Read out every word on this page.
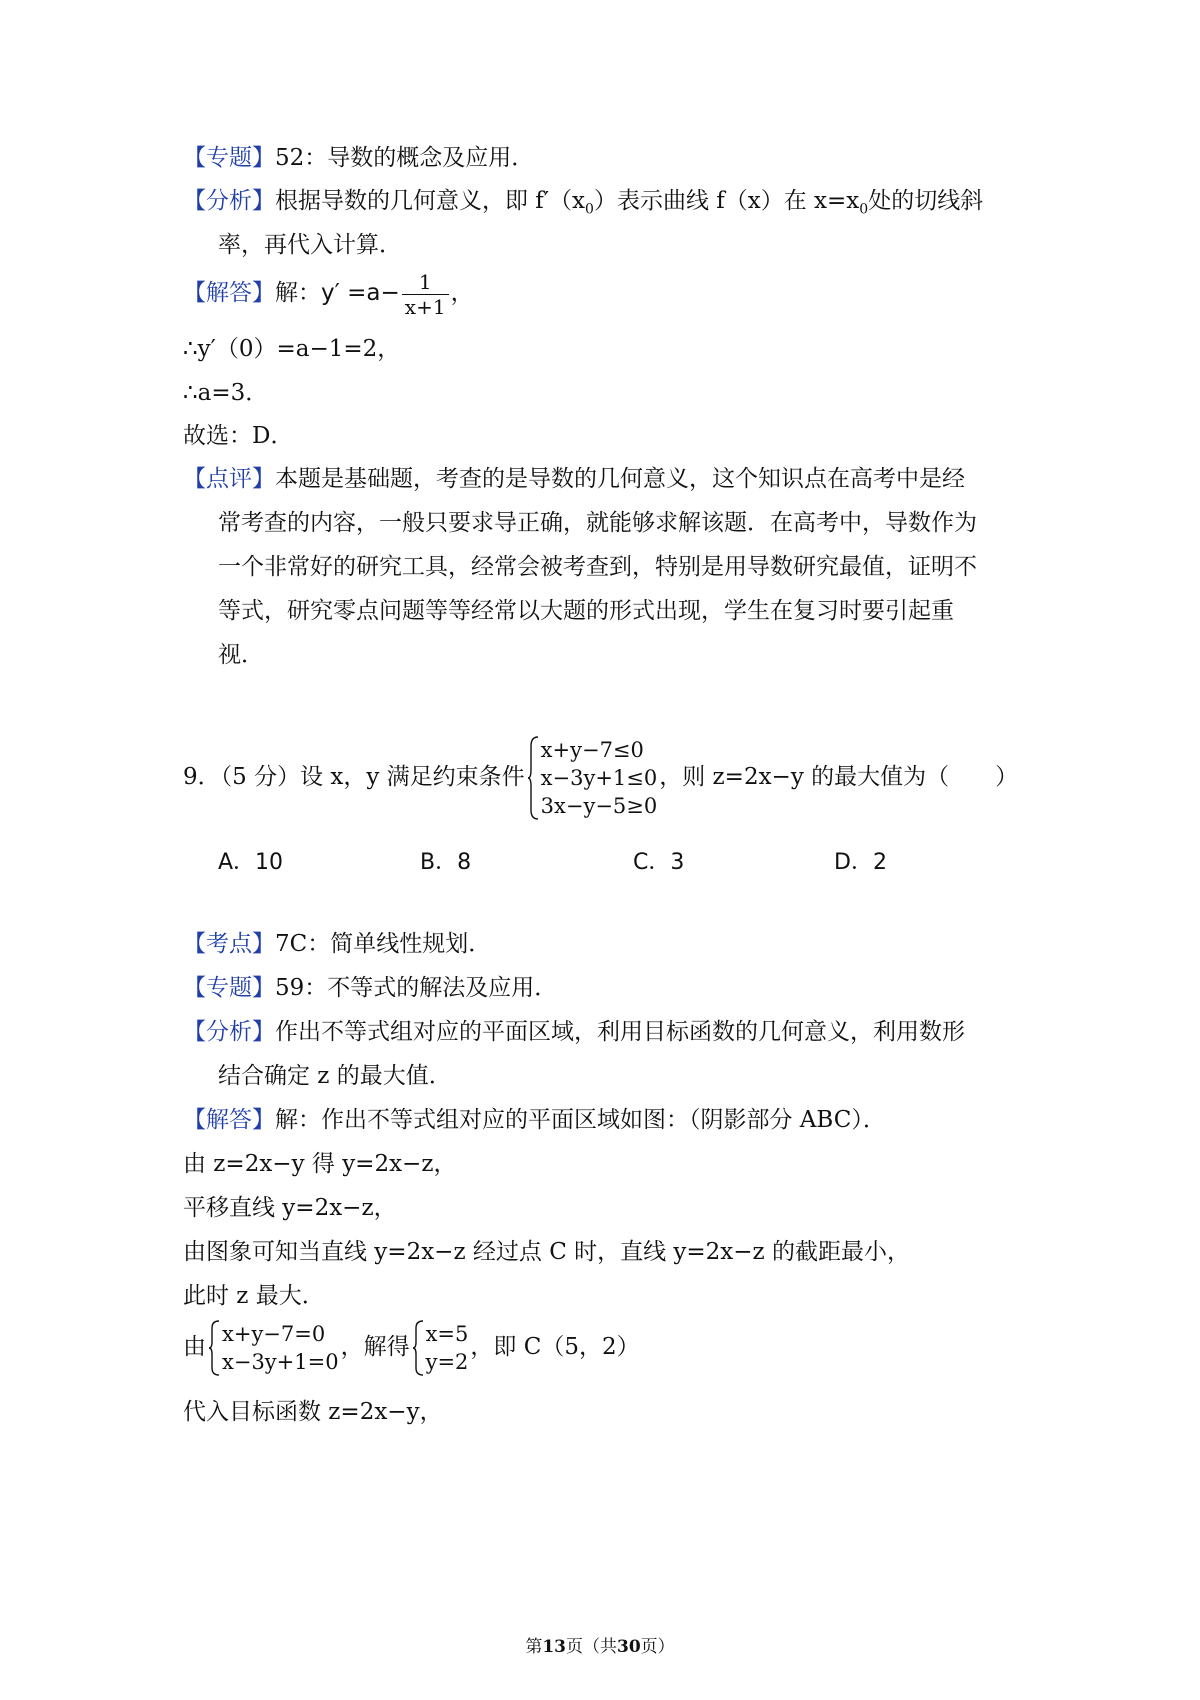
【专题】52：导数的概念及应用．
【分析】根据导数的几何意义，即 $f'(x_0)$表示曲线 f（x）在 $x=x_0$处的切线斜
率，再代入计算．
【解答】解：$y' =a- \frac{1}{x+1}$ ，
∴y′（0）=a−1=2，
∴a=3．
故选：D．
【点评】本题是基础题，考查的是导数的几何意义，这个知识点在高考中是经
常考查的内容，一般只要求导正确，就能够求解该题．在高考中，导数作为
一个非常好的研究工具，经常会被考查到，特别是用导数研究最值，证明不
等式，研究零点问题等等经常以大题的形式出现，学生在复习时要引起重
视．
9．（5 分）设 x，y 满足约束条件
x+y−7≤0
x−3y+1≤0
3x−y−5≥0
，则 z=2x−y 的最大值为（　　）
A．10	B．8	C．3	D．2
【考点】7C：简单线性规划．
【专题】59：不等式的解法及应用．
【分析】作出不等式组对应的平面区域，利用目标函数的几何意义，利用数形
结合确定 z 的最大值．
【解答】解：作出不等式组对应的平面区域如图：（阴影部分 ABC）．
由 z=2x−y 得 y=2x−z，
平移直线 y=2x−z，
由图象可知当直线 y=2x−z 经过点 C 时，直线 y=2x−z 的截距最小，
此时 z 最大．
由 x+y−7=0
x−3y+1=0
，解得 x=5
y=2
，即 C（5，2）
代入目标函数 z=2x−y，
第13页（共30页）
